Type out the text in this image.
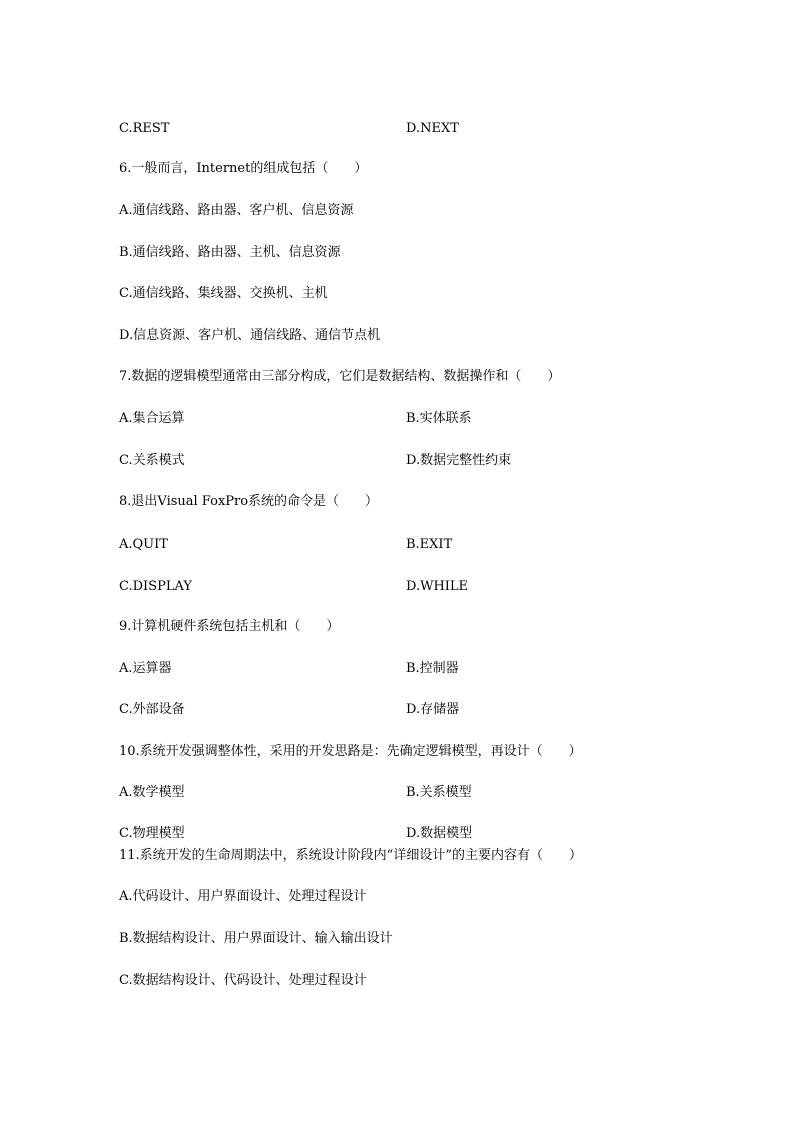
C.REST	D.NEXT
6.一般而言，Internet的组成包括（　　）
A.通信线路、路由器、客户机、信息资源
B.通信线路、路由器、主机、信息资源
C.通信线路、集线器、交换机、主机
D.信息资源、客户机、通信线路、通信节点机
7.数据的逻辑模型通常由三部分构成，它们是数据结构、数据操作和（　　）
A.集合运算	B.实体联系
C.关系模式	D.数据完整性约束
8.退出Visual FoxPro系统的命令是（　　）
A.QUIT	B.EXIT
C.DISPLAY	D.WHILE
9.计算机硬件系统包括主机和（　　）
A.运算器	B.控制器
C.外部设备	D.存储器
10.系统开发强调整体性，采用的开发思路是：先确定逻辑模型，再设计（　　）
A.数学模型	B.关系模型
C.物理模型	D.数据模型
11.系统开发的生命周期法中，系统设计阶段内“详细设计”的主要内容有（　　）
A.代码设计、用户界面设计、处理过程设计
B.数据结构设计、用户界面设计、输入输出设计
C.数据结构设计、代码设计、处理过程设计
